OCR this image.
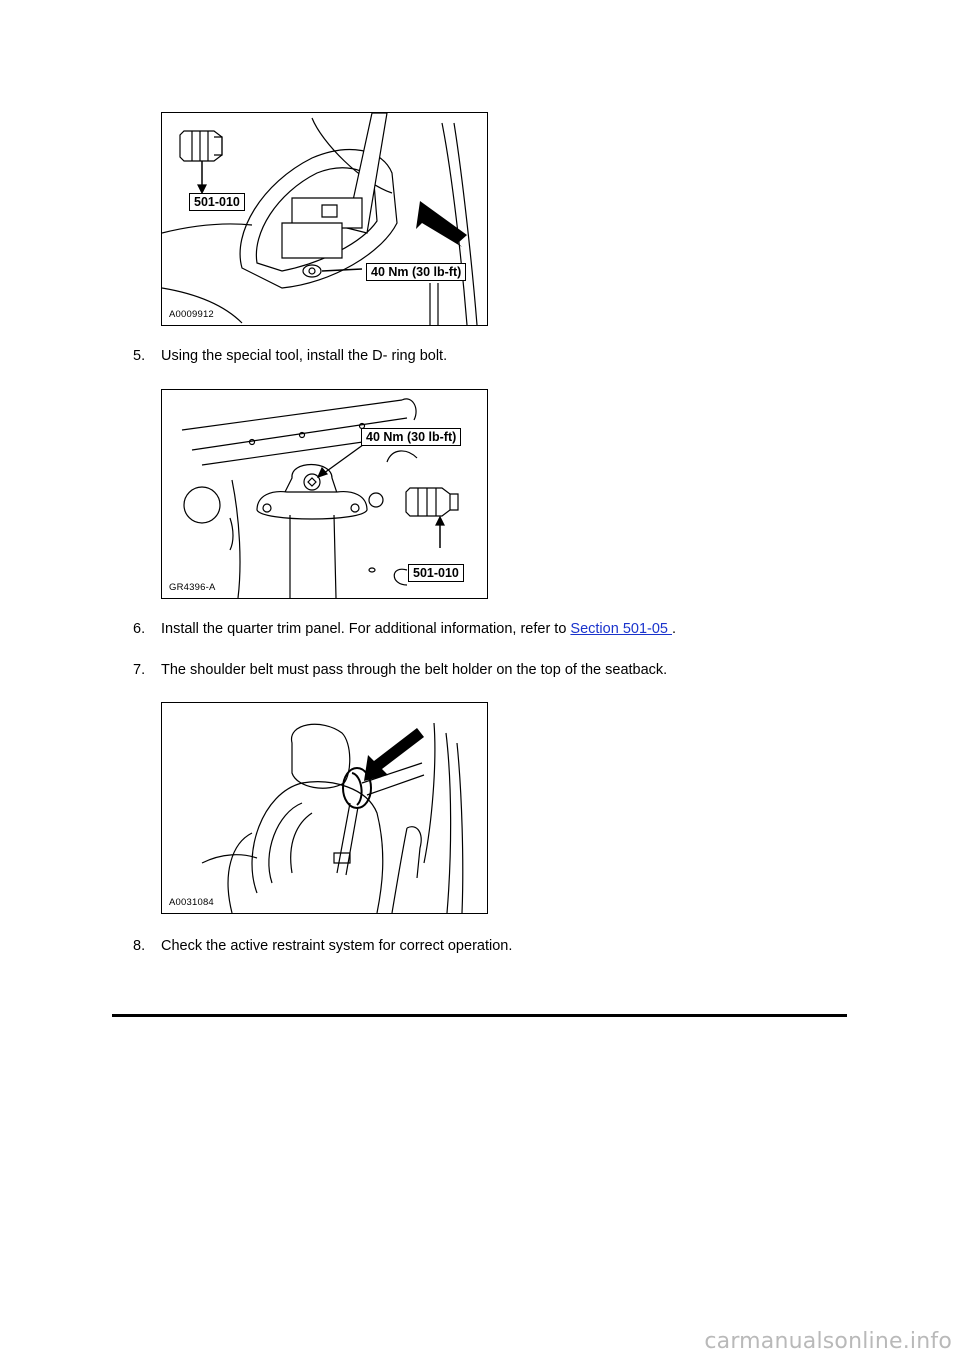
501-010
40 Nm (30 lb-ft)
A0009912
5. Using the special tool, install the D- ring bolt.
40 Nm (30 lb-ft)
501-010
GR4396-A
6. Install the quarter trim panel. For additional information, refer to Section 501-05 .
7. The shoulder belt must pass through the belt holder on the top of the seatback.
A0031084
8. Check the active restraint system for correct operation.
carmanualsonline.info
